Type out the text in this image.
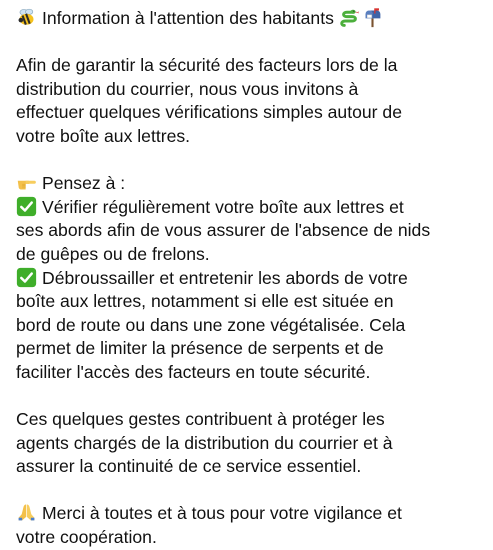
Information à l'attention des habitants
Afin de garantir la sécurité des facteurs lors de la
distribution du courrier, nous vous invitons à
effectuer quelques vérifications simples autour de
votre boîte aux lettres.
Pensez à :
Vérifier régulièrement votre boîte aux lettres et
ses abords afin de vous assurer de l'absence de nids
de guêpes ou de frelons.
Débroussailler et entretenir les abords de votre
boîte aux lettres, notamment si elle est située en
bord de route ou dans une zone végétalisée. Cela
permet de limiter la présence de serpents et de
faciliter l'accès des facteurs en toute sécurité.
Ces quelques gestes contribuent à protéger les
agents chargés de la distribution du courrier et à
assurer la continuité de ce service essentiel.
Merci à toutes et à tous pour votre vigilance et
votre coopération.
